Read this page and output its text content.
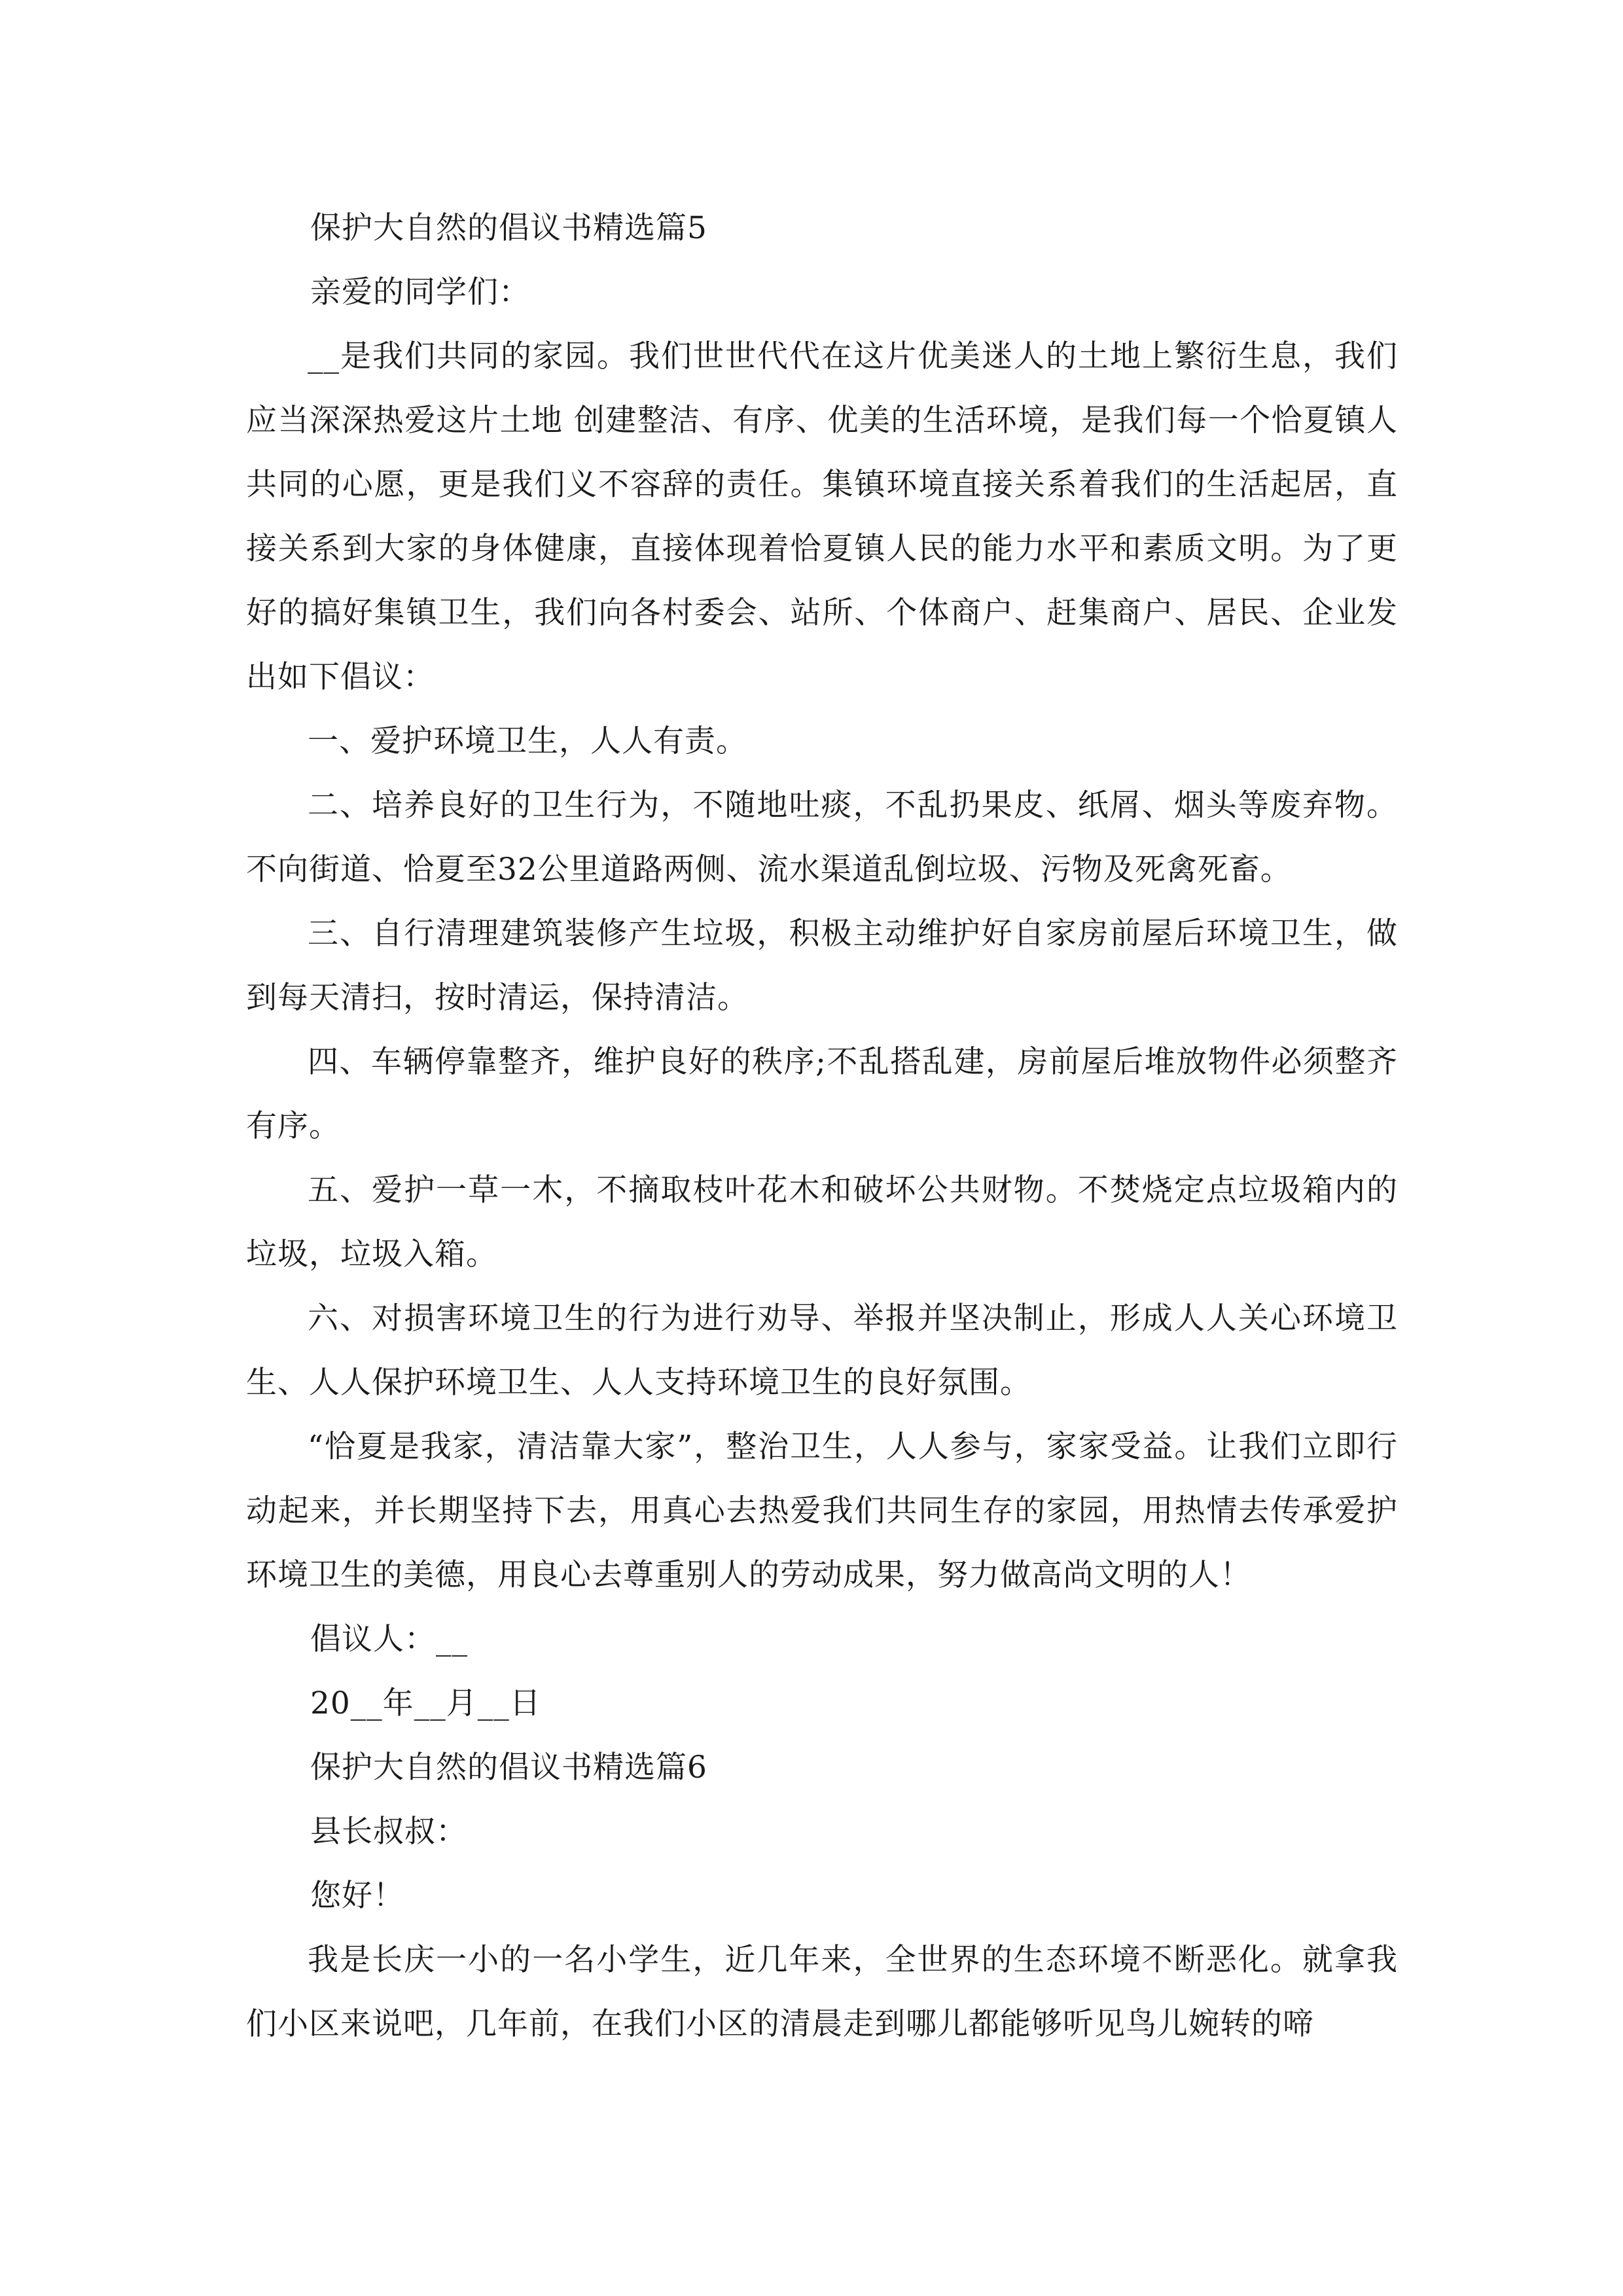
保护大自然的倡议书精选篇5

亲爱的同学们：

__是我们共同的家园。我们世世代代在这片优美迷人的土地上繁衍生息，我们应当深深热爱这片土地 创建整洁、有序、优美的生活环境，是我们每一个恰夏镇人共同的心愿，更是我们义不容辞的责任。集镇环境直接关系着我们的生活起居，直接关系到大家的身体健康，直接体现着恰夏镇人民的能力水平和素质文明。为了更好的搞好集镇卫生，我们向各村委会、站所、个体商户、赶集商户、居民、企业发出如下倡议：

一、爱护环境卫生，人人有责。

二、培养良好的卫生行为，不随地吐痰，不乱扔果皮、纸屑、烟头等废弃物。不向街道、恰夏至32公里道路两侧、流水渠道乱倒垃圾、污物及死禽死畜。

三、自行清理建筑装修产生垃圾，积极主动维护好自家房前屋后环境卫生，做到每天清扫，按时清运，保持清洁。

四、车辆停靠整齐，维护良好的秩序;不乱搭乱建，房前屋后堆放物件必须整齐有序。

五、爱护一草一木，不摘取枝叶花木和破坏公共财物。不焚烧定点垃圾箱内的垃圾，垃圾入箱。

六、对损害环境卫生的行为进行劝导、举报并坚决制止，形成人人关心环境卫生、人人保护环境卫生、人人支持环境卫生的良好氛围。

“恰夏是我家，清洁靠大家”，整治卫生，人人参与，家家受益。让我们立即行动起来，并长期坚持下去，用真心去热爱我们共同生存的家园，用热情去传承爱护环境卫生的美德，用良心去尊重别人的劳动成果，努力做高尚文明的人！

倡议人：__

20__年__月__日

保护大自然的倡议书精选篇6

县长叔叔：

您好！

我是长庆一小的一名小学生，近几年来，全世界的生态环境不断恶化。就拿我们小区来说吧，几年前，在我们小区的清晨走到哪儿都能够听见鸟儿婉转的啼
